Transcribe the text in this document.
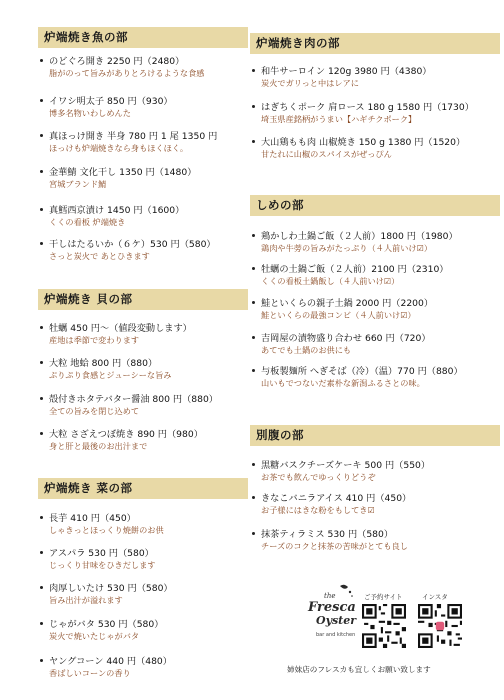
炉端焼き魚の部
のどぐろ開き 2250 円（2480）
脂がのって旨みがありとろけるような食感
イワシ明太子 850 円（930）
博多名物いわしめんた
真ほっけ開き 半身 780 円 1 尾 1350 円
ほっけも炉端焼きなら身もほくほく。
金華鯖 文化干し 1350 円（1480）
宮城ブランド鯖
真鱈西京漬け 1450 円（1600）
くくの看板 炉端焼き
干しはたるいか（６ケ）530 円（580）
さっと炭火で あとひきます
炉端焼き 貝の部
牡蠣 450 円～（値段変動します）
産地は季節で変わります
大粒 地蛤 800 円（880）
ぷりぷり食感とジューシーな旨み
殻付きホタテバター醤油 800 円（880）
全ての旨みを閉じ込めて
大粒 さざえつぼ焼き 890 円（980）
身と肝と最後のお出汁まで
炉端焼き 菜の部
長芋 410 円（450）
しゃきっとほっくり焼餅のお供
アスパラ 530 円（580）
じっくり甘味をひきだします
肉厚しいたけ 530 円（580）
旨み出汁が溢れます
じゃがバタ 530 円（580）
炭火で焼いたじゃがバタ
ヤングコーン 440 円（480）
香ばしいコーンの香り
炉端焼き肉の部
和牛サーロイン 120g 3980 円（4380）
炭火でガリっと中はレアに
はぎちくポーク 肩ロース 180 g 1580 円（1730）
埼玉県産銘柄がうまい【ハギチクポーク】
大山鶏もも肉 山椒焼き 150 g 1380 円（1520）
甘たれに山椒のスパイスがぜっぴん
しめの部
鶏かしわ土鍋ご飯（２人前）1800 円（1980）
鶏肉や牛蒡の旨みがたっぷり（４人前いけ☑）
牡蠣の土鍋ご飯（２人前）2100 円（2310）
くくの看板土鍋飯し（４人前いけ☑）
鮭といくらの親子土鍋 2000 円（2200）
鮭といくらの最強コンビ（４人前いけ☑）
吉岡屋の漬物盛り合わせ 660 円（720）
あてでも土鍋のお供にも
与板製麺所 へぎそば（冷）（温）770 円（880）
山いもでつないだ素朴な新潟ふるさとの味。
別腹の部
黒糖バスクチーズケーキ 500 円（550）
お茶でも飲んでゆっくりどうぞ
きなこバニラアイス 410 円（450）
お子様にはきな粉をもしてき☑
抹茶ティラミス 530 円（580）
チーズのコクと抹茶の苦味がとても良し
the
Fresca
Oyster
bar and kitchen
ご予約サイト	インスタ
姉妹店のフレスカも宜しくお願い致します
